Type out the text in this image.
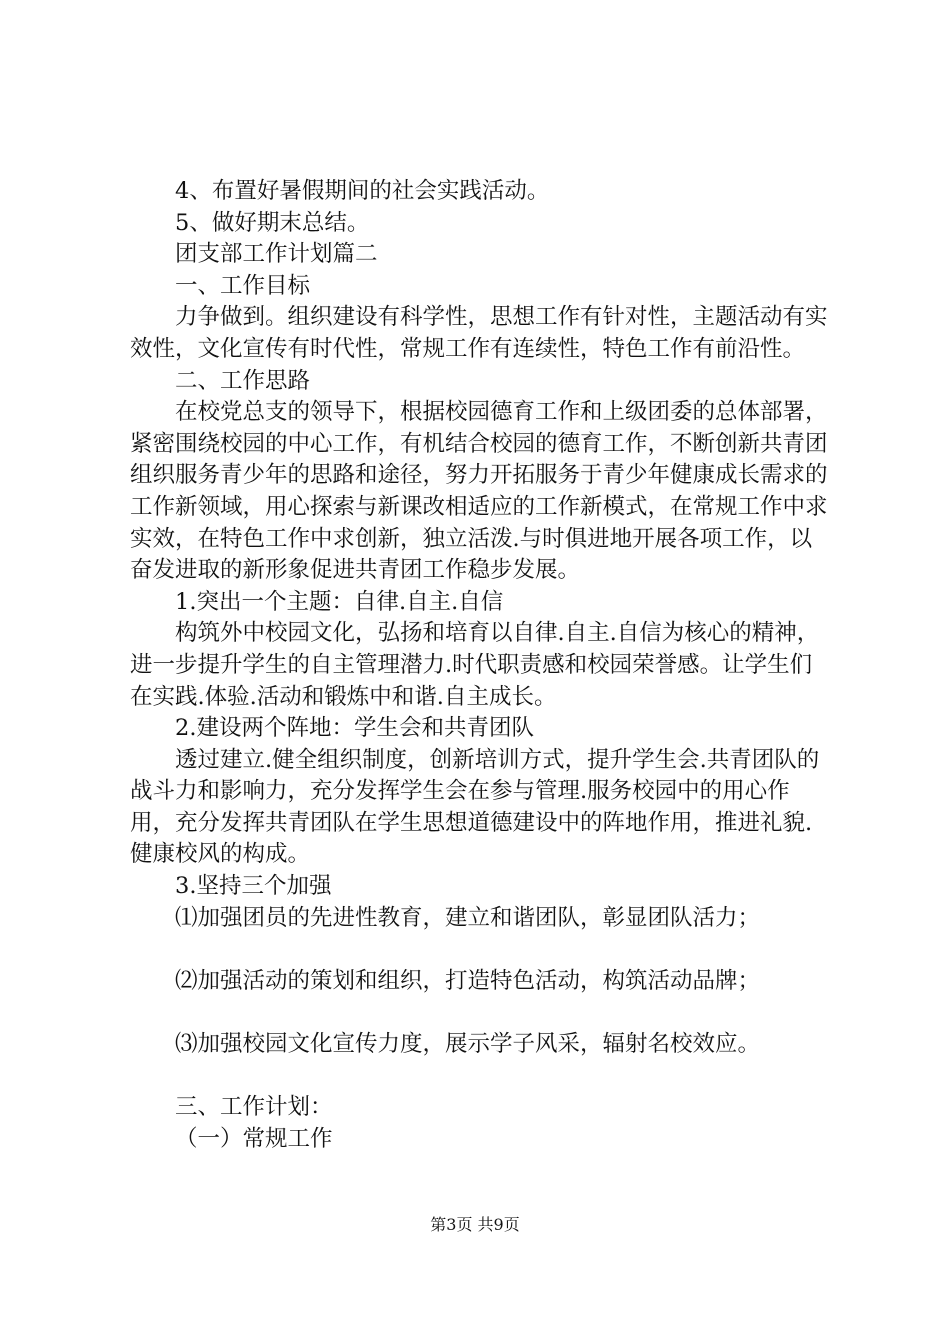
4、布置好暑假期间的社会实践活动。

5、做好期末总结。

团支部工作计划篇二

一、工作目标

力争做到。组织建设有科学性，思想工作有针对性，主题活动有实效性，文化宣传有时代性，常规工作有连续性，特色工作有前沿性。

二、工作思路

在校党总支的领导下，根据校园德育工作和上级团委的总体部署，紧密围绕校园的中心工作，有机结合校园的德育工作，不断创新共青团组织服务青少年的思路和途径，努力开拓服务于青少年健康成长需求的工作新领域，用心探索与新课改相适应的工作新模式，在常规工作中求实效，在特色工作中求创新，独立活泼.与时俱进地开展各项工作，以奋发进取的新形象促进共青团工作稳步发展。

1.突出一个主题：自律.自主.自信

构筑外中校园文化，弘扬和培育以自律.自主.自信为核心的精神，进一步提升学生的自主管理潜力.时代职责感和校园荣誉感。让学生们在实践.体验.活动和锻炼中和谐.自主成长。

2.建设两个阵地：学生会和共青团队

透过建立.健全组织制度，创新培训方式，提升学生会.共青团队的战斗力和影响力，充分发挥学生会在参与管理.服务校园中的用心作用，充分发挥共青团队在学生思想道德建设中的阵地作用，推进礼貌.健康校风的构成。

3.坚持三个加强

⑴加强团员的先进性教育，建立和谐团队，彰显团队活力；

⑵加强活动的策划和组织，打造特色活动，构筑活动品牌；

⑶加强校园文化宣传力度，展示学子风采，辐射名校效应。

三、工作计划：

（一）常规工作

第3页 共9页
